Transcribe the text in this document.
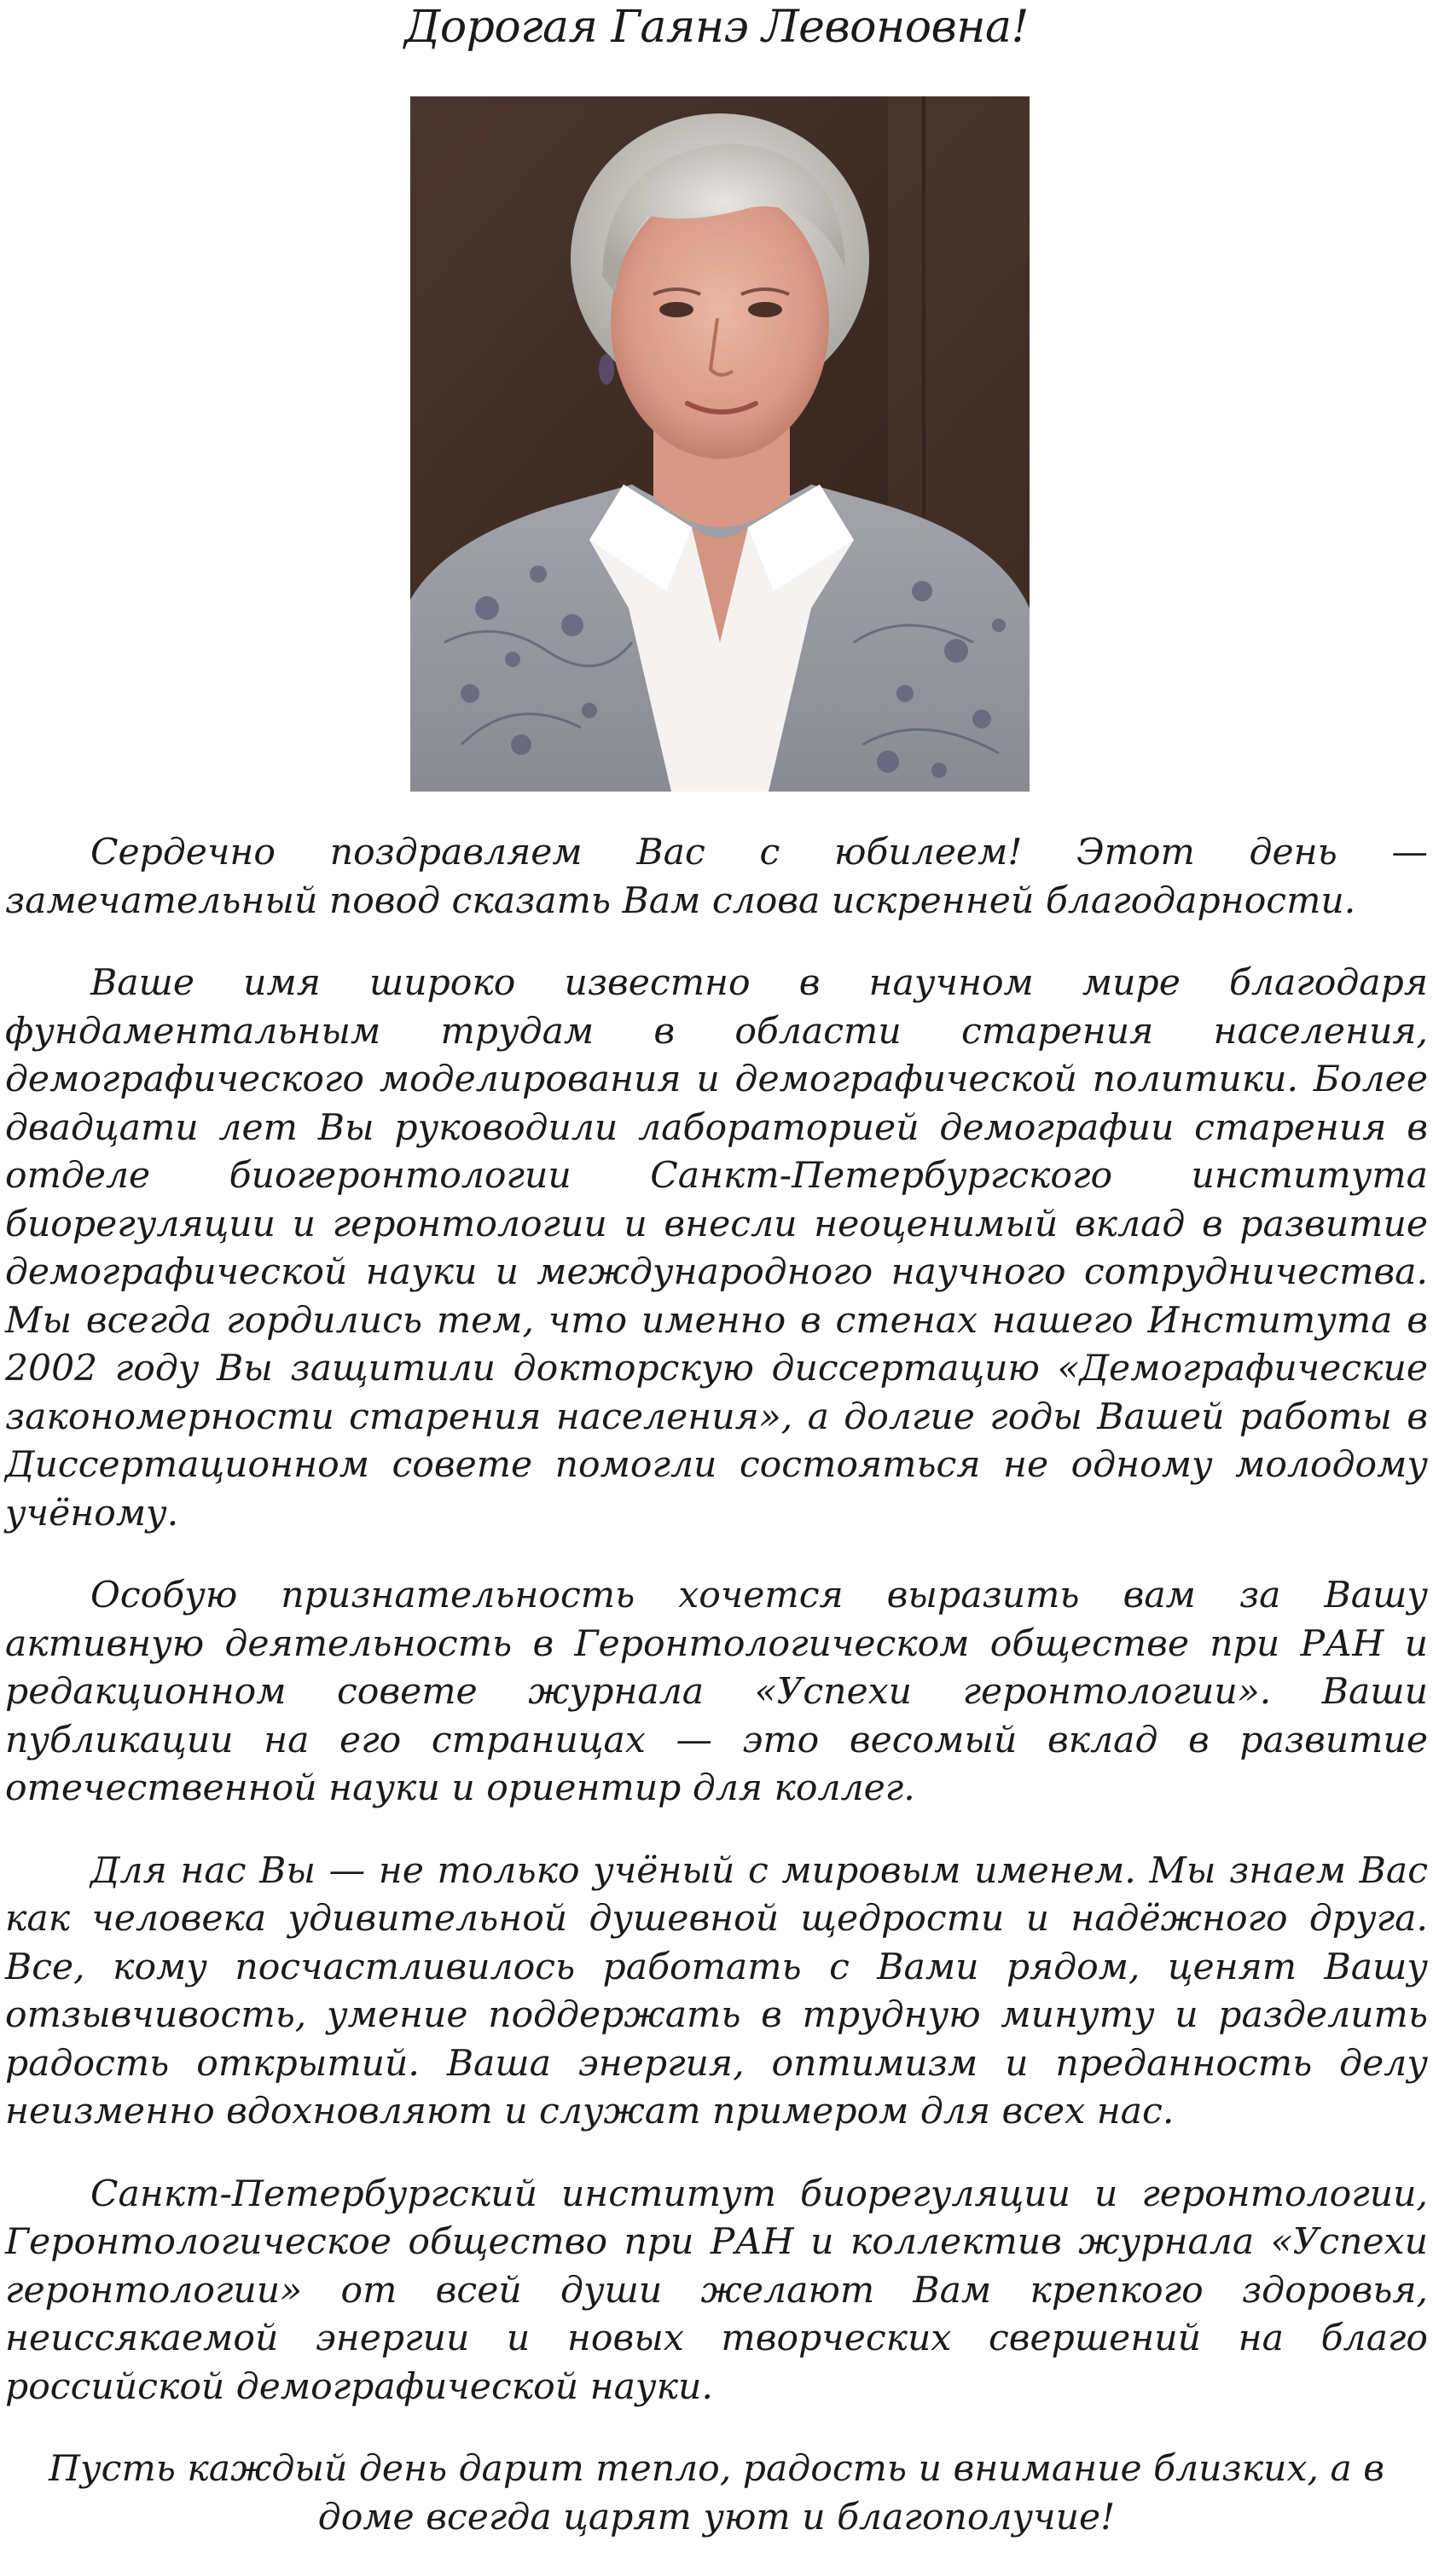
Дорогая Гаянэ Левоновна!

Сердечно поздравляем Вас с юбилеем! Этот день — замечательный повод сказать Вам слова искренней благодарности.

Ваше имя широко известно в научном мире благодаря фундаментальным трудам в области старения населения, демографического моделирования и демографической политики. Более двадцати лет Вы руководили лабораторией демографии старения в отделе биогеронтологии Санкт-Петербургского института биорегуляции и геронтологии и внесли неоценимый вклад в развитие демографической науки и международного научного сотрудничества. Мы всегда гордились тем, что именно в стенах нашего Института в 2002 году Вы защитили докторскую диссертацию «Демографические закономерности старения населения», а долгие годы Вашей работы в Диссертационном совете помогли состояться не одному молодому учёному.

Особую признательность хочется выразить вам за Вашу активную деятельность в Геронтологическом обществе при РАН и редакционном совете журнала «Успехи геронтологии». Ваши публикации на его страницах — это весомый вклад в развитие отечественной науки и ориентир для коллег.

Для нас Вы — не только учёный с мировым именем. Мы знаем Вас как человека удивительной душевной щедрости и надёжного друга. Все, кому посчастливилось работать с Вами рядом, ценят Вашу отзывчивость, умение поддержать в трудную минуту и разделить радость открытий. Ваша энергия, оптимизм и преданность делу неизменно вдохновляют и служат примером для всех нас.

Санкт-Петербургский институт биорегуляции и геронтологии, Геронтологическое общество при РАН и коллектив журнала «Успехи геронтологии» от всей души желают Вам крепкого здоровья, неиссякаемой энергии и новых творческих свершений на благо российской демографической науки.

Пусть каждый день дарит тепло, радость и внимание близких, а в доме всегда царят уют и благополучие!
